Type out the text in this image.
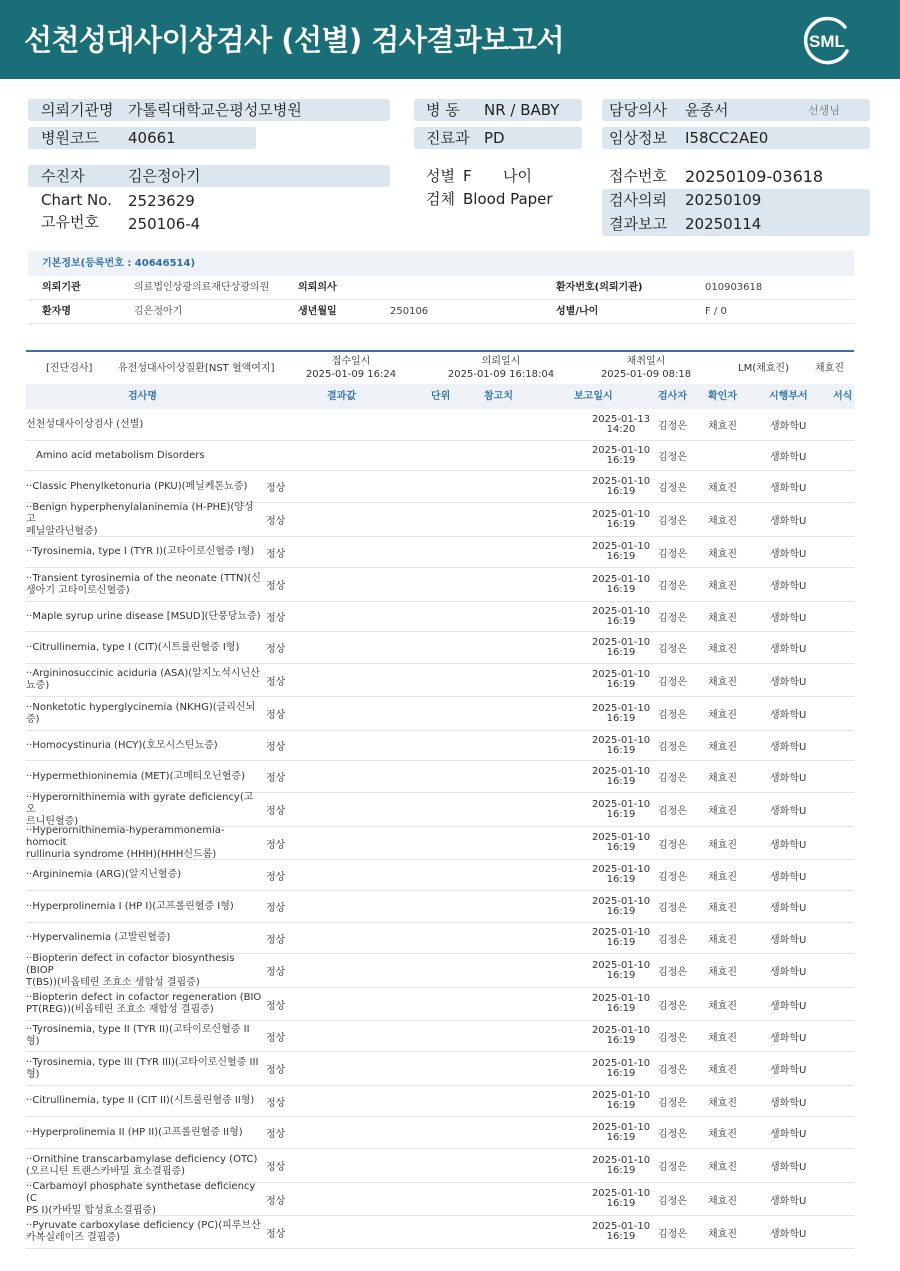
선천성대사이상검사 (선별) 검사결과보고서	SML
의뢰기관명 가톨릭대학교은평성모병원
병원코드 40661
병 동 NR / BABY
진료과 PD
담당의사 윤종서	선생님
임상정보 I58CC2AE0
수진자	김은정아기
Chart No. 2523629
고유번호 250106-4
성별 F 나이
검체 Blood Paper
접수번호 20250109-03618
검사의뢰 20250109
결과보고 20250114
기본정보(등록번호 : 40646514)
의뢰기관	의료법인상광의료재단상광의원	의뢰의사	환자번호(의뢰기관)	010903618
환자명	김은정아기	생년월일	250106	성별/나이	F / 0
[진단검사]	유전성대사이상질환[NST 혈액여지]
접수일시
2025-01-09 16:24
의뢰일시
2025-01-09 16:18:04
채취일시
2025-01-09 08:18
LM(채효진)	채효진
검사명	결과값	단위	참고치	보고일시	검사자 확인자	시행부서	서식
선천성대사이상검사 (선별)	2025-01-13
14:20	김정은	채효진	생화학U
Amino acid metabolism Disorders	2025-01-10
16:19	김정은	생화학U
··Classic Phenylketonuria (PKU)(페닐케톤뇨증) 정상
2025-01-10
16:19	김정은	채효진	생화학U
··Benign hyperphenylalaninemia (H-PHE)(양성 고
페닐알라닌혈증)
정상
2025-01-10
16:19	김정은	채효진	생화학U
··Tyrosinemia, type I (TYR I)(고타이로신혈증 I형) 정상
2025-01-10
16:19	김정은	채효진	생화학U
··Transient tyrosinemia of the neonate (TTN)(신
생아기 고타이로신혈증)	정상
2025-01-10
16:19	김정은	채효진	생화학U
··Maple syrup urine disease [MSUD](단풍당뇨증) 정상
2025-01-10
16:19	김정은	채효진	생화학U
··Citrullinemia, type I (CIT)(시트룰린혈증 I형)	정상
2025-01-10
16:19	김정은	채효진	생화학U
··Argininosuccinic aciduria (ASA)(알지노석시닌산
뇨증)	정상
2025-01-10
16:19	김정은	채효진	생화학U
··Nonketotic hyperglycinemia (NKHG)(글리신뇌
증)	정상
2025-01-10
16:19	김정은	채효진	생화학U
··Homocystinuria (HCY)(호모시스틴뇨증)	정상
2025-01-10
16:19	김정은	채효진	생화학U
··Hypermethioninemia (MET)(고메티오닌혈증) 정상
2025-01-10
16:19	김정은	채효진	생화학U
··Hyperornithinemia with gyrate deficiency(고오
르니틴혈증)
정상
2025-01-10
16:19	김정은	채효진	생화학U
··Hyperornithinemia-hyperammonemia-homocit
rullinuria syndrome (HHH)(HHH신드롬)
정상
2025-01-10
16:19	김정은	채효진	생화학U
··Argininemia (ARG)(알지닌혈증)	정상
2025-01-10
16:19	김정은	채효진	생화학U
··Hyperprolinemia I (HP I)(고프롤린혈증 I형)	정상
2025-01-10
16:19	김정은	채효진	생화학U
··Hypervalinemia (고발린혈증)	정상
2025-01-10
16:19	김정은	채효진	생화학U
··Biopterin defect in cofactor biosynthesis (BIOP
T(BS))(비옵테린 조효소 생합성 결핍증)
정상
2025-01-10
16:19	김정은	채효진	생화학U
··Biopterin defect in cofactor regeneration (BIO
PT(REG))(비옵테린 조효소 재합성 결핍증)	정상
2025-01-10
16:19	김정은	채효진	생화학U
··Tyrosinemia, type II (TYR II)(고타이로신혈증 II형)	정상
2025-01-10
16:19	김정은	채효진	생화학U
··Tyrosinemia, type III (TYR III)(고타이로신혈증 III
형)	정상
2025-01-10
16:19	김정은	채효진	생화학U
··Citrullinemia, type II (CIT II)(시트룰린혈증 II형) 정상
2025-01-10
16:19	김정은	채효진	생화학U
··Hyperprolinemia II (HP II)(고프롤린혈증 II형) 정상
2025-01-10
16:19	김정은	채효진	생화학U
··Ornithine transcarbamylase deficiency (OTC)
(오르니틴 트랜스카바밀 효소결핍증)	정상
2025-01-10
16:19	김정은	채효진	생화학U
··Carbamoyl phosphate synthetase deficiency (C
PS I)(카바밀 합성효소결핍증)
정상
2025-01-10
16:19	김정은	채효진	생화학U
··Pyruvate carboxylase deficiency (PC)(피루브산
카복실레이즈 결핍증)	정상
2025-01-10
16:19	김정은	채효진	생화학U
